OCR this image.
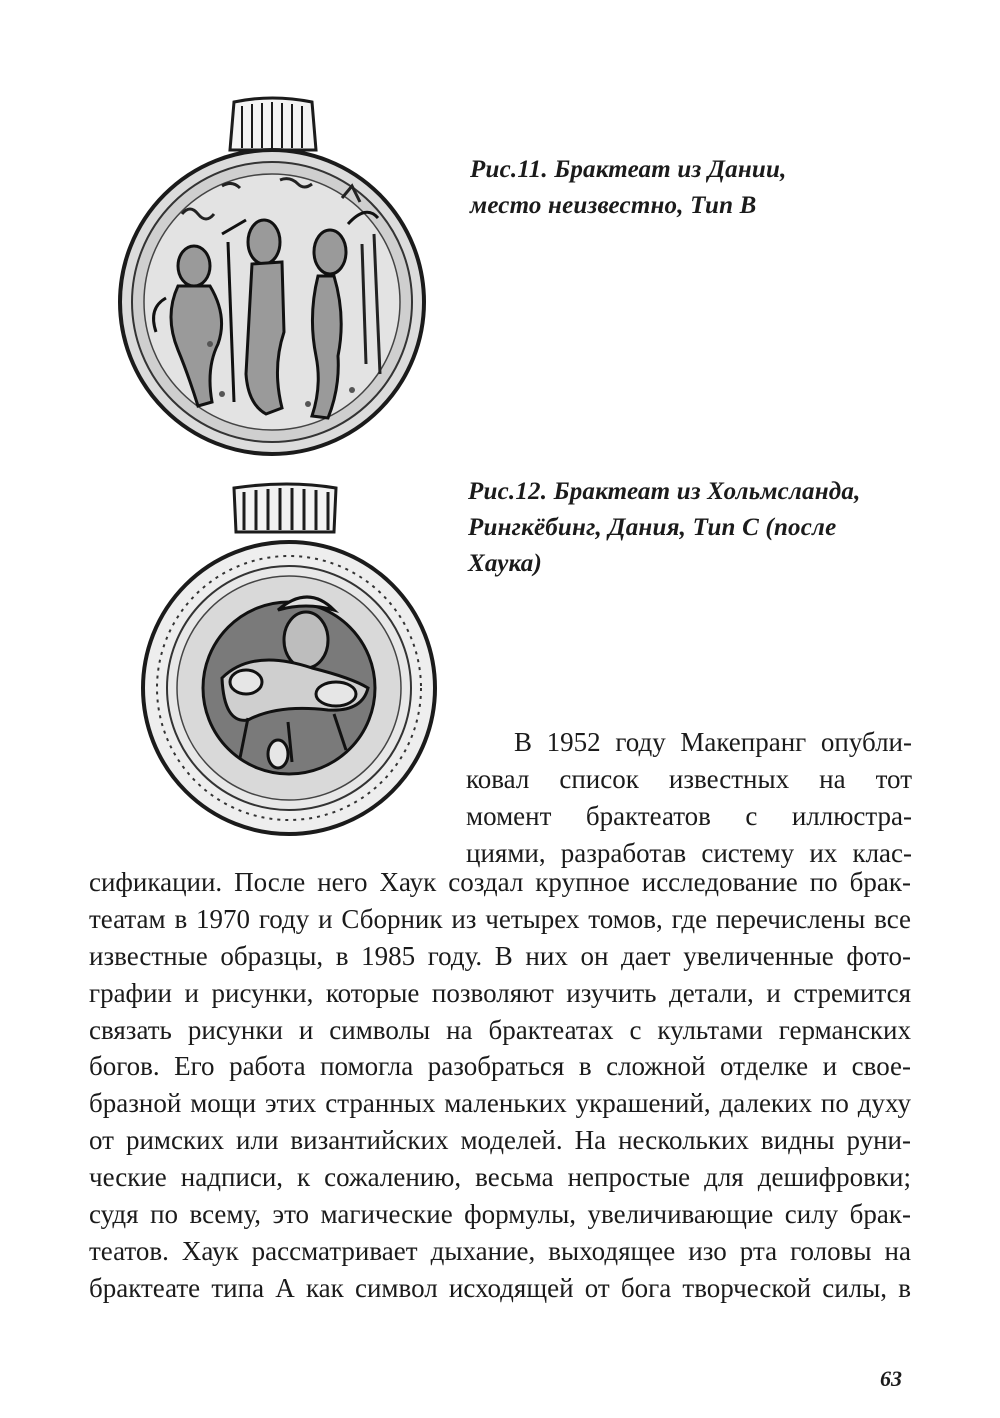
Рис.11. Брактеат из Дании,
место неизвестно, Тип В
Рис.12. Брактеат из Хольмсланда,
Рингкёбинг, Дания, Тип С (после
Хаука)
В 1952 году Макепранг опубли-
ковал список известных на тот
момент брактеатов с иллюстра-
циями, разработав систему их клас-
сификации. После него Хаук создал крупное исследование по брак-
театам в 1970 году и Сборник из четырех томов, где перечислены все
известные образцы, в 1985 году. В них он дает увеличенные фото-
графии и рисунки, которые позволяют изучить детали, и стремится
связать рисунки и символы на брактеатах с культами германских
богов. Его работа помогла разобраться в сложной отделке и свое-
бразной мощи этих странных маленьких украшений, далеких по духу
от римских или византийских моделей. На нескольких видны руни-
ческие надписи, к сожалению, весьма непростые для дешифровки;
судя по всему, это магические формулы, увеличивающие силу брак-
театов. Хаук рассматривает дыхание, выходящее изо рта головы на
брактеате типа А как символ исходящей от бога творческой силы, в
63
